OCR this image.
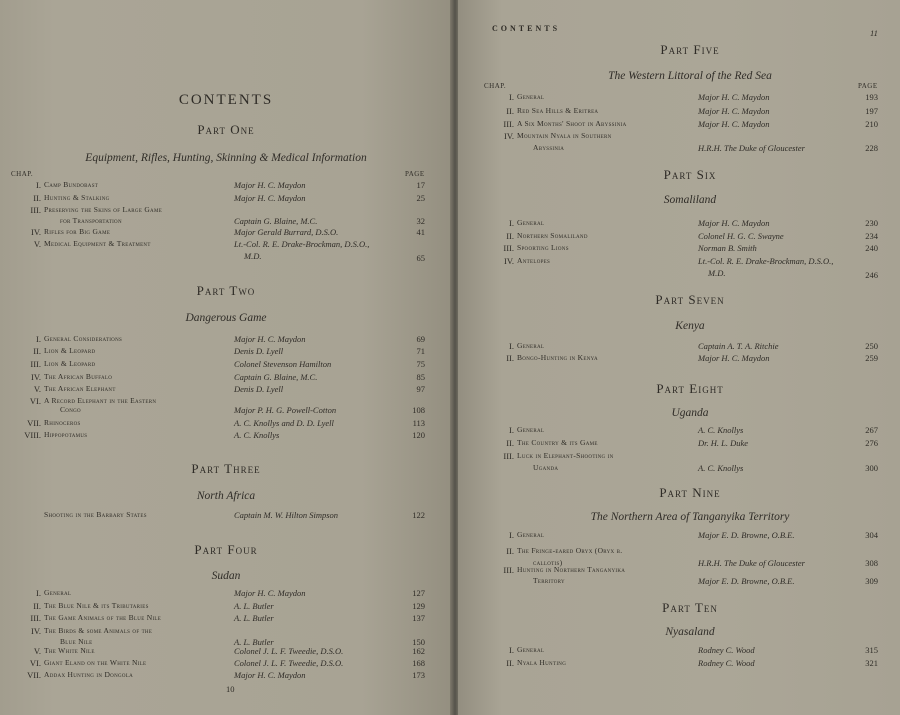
CONTENTS
Part One
Equipment, Rifles, Hunting, Skinning & Medical Information
CHAP.	PAGE
I. Camp Bundobast	Major H. C. Maydon	17
II. Hunting & Stalking	Major H. C. Maydon	25
III. Preserving the Skins of Large Game
for Transportation	Captain G. Blaine, M.C.	32
IV. Rifles for Big Game	Major Gerald Burrard, D.S.O.	41
V. Medical Equipment & Treatment	Lt.-Col. R. E. Drake-Brockman, D.S.O.,
M.D.	65
Part Two
Dangerous Game
I. General Considerations	Major H. C. Maydon	69
II. Lion & Leopard	Denis D. Lyell	71
III. Lion & Leopard	Colonel Stevenson Hamilton	75
IV. The African Buffalo	Captain G. Blaine, M.C.	85
V. The African Elephant	Denis D. Lyell	97
VI. A Record Elephant in the Eastern
Congo	Major P. H. G. Powell-Cotton	108
VII. Rhinoceros	A. C. Knollys and D. D. Lyell	113
VIII. Hippopotamus	A. C. Knollys	120
Part Three
North Africa
Shooting in the Barbary States	Captain M. W. Hilton Simpson	122
Part Four
Sudan
I. General	Major H. C. Maydon	127
II. The Blue Nile & its Tributaries	A. L. Butler	129
III. The Game Animals of the Blue Nile	A. L. Butler	137
IV. The Birds & some Animals of the
Blue Nile	A. L. Butler	150
V. The White Nile	Colonel J. L. F. Tweedie, D.S.O.	162
VI. Giant Eland on the White Nile	Colonel J. L. F. Tweedie, D.S.O.	168
VII. Addax Hunting in Dongola	Major H. C. Maydon	173
10
CONTENTS	11
Part Five
The Western Littoral of the Red Sea
CHAP.	PAGE
I. General	Major H. C. Maydon	193
II. Red Sea Hills & Eritrea	Major H. C. Maydon	197
III. A Six Months' Shoot in Abyssinia	Major H. C. Maydon	210
IV. Mountain Nyala in Southern
Abyssinia	H.R.H. The Duke of Gloucester	228
Part Six
Somaliland
I. General	Major H. C. Maydon	230
II. Northern Somaliland	Colonel H. G. C. Swayne	234
III. Spoorting Lions	Norman B. Smith	240
IV. Antelopes	Lt.-Col. R. E. Drake-Brockman, D.S.O.,
M.D.	246
Part Seven
Kenya
I. General	Captain A. T. A. Ritchie	250
II. Bongo-Hunting in Kenya	Major H. C. Maydon	259
Part Eight
Uganda
I. General	A. C. Knollys	267
II. The Country & its Game	Dr. H. L. Duke	276
III. Luck in Elephant-Shooting in
Uganda	A. C. Knollys	300
Part Nine
The Northern Area of Tanganyika Territory
I. General	Major E. D. Browne, O.B.E.	304
II. The Fringe-eared Oryx (Oryx b.
callotis)	H.R.H. The Duke of Gloucester	308
III. Hunting in Northern Tanganyika
Territory	Major E. D. Browne, O.B.E.	309
Part Ten
Nyasaland
I. General	Rodney C. Wood	315
II. Nyala Hunting	Rodney C. Wood	321
